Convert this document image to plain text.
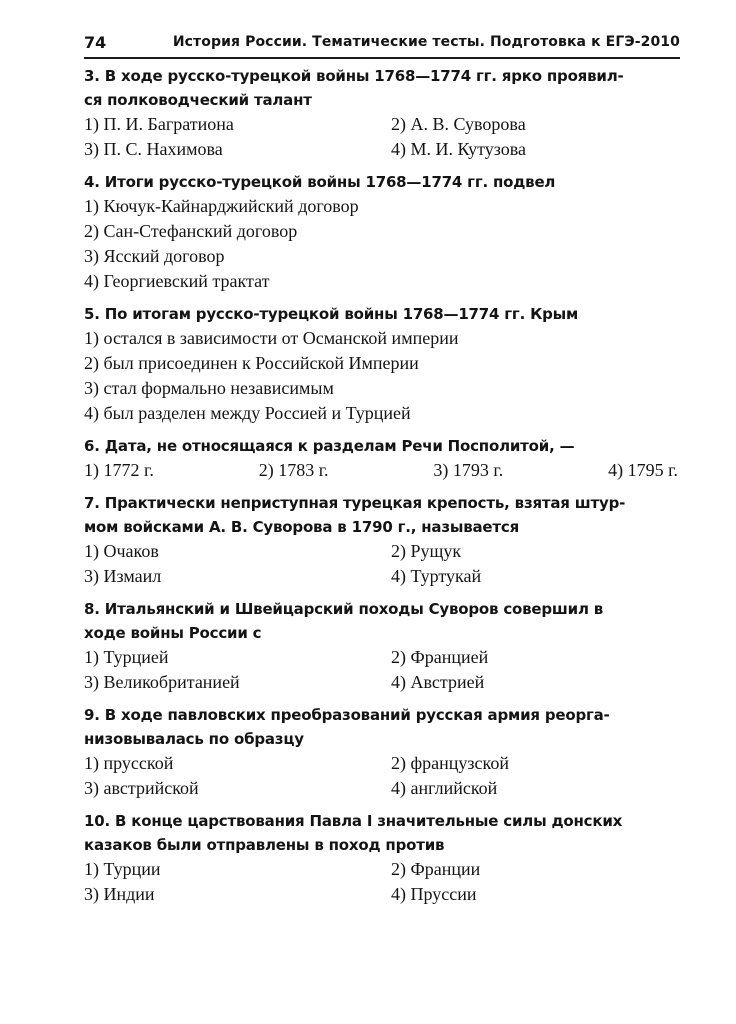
74	История России. Тематические тесты. Подготовка к ЕГЭ-2010
3. В ходе русско-турецкой войны 1768—1774 гг. ярко проявил-
ся полководческий талант
1) П. И. Багратиона	2) А. В. Суворова
3) П. С. Нахимова	4) М. И. Кутузова
4. Итоги русско-турецкой войны 1768—1774 гг. подвел
1) Кючук-Кайнарджийский договор
2) Сан-Стефанский договор
3) Ясский договор
4) Георгиевский трактат
5. По итогам русско-турецкой войны 1768—1774 гг. Крым
1) остался в зависимости от Османской империи
2) был присоединен к Российской Империи
3) стал формально независимым
4) был разделен между Россией и Турцией
6. Дата, не относящаяся к разделам Речи Посполитой, —
1) 1772 г.	2) 1783 г.	3) 1793 г.	4) 1795 г.
7. Практически неприступная турецкая крепость, взятая штур-
мом войсками А. В. Суворова в 1790 г., называется
1) Очаков	2) Рущук
3) Измаил	4) Туртукай
8. Итальянский и Швейцарский походы Суворов совершил в
ходе войны России с
1) Турцией	2) Францией
3) Великобританией	4) Австрией
9. В ходе павловских преобразований русская армия реорга-
низовывалась по образцу
1) прусской	2) французской
3) австрийской	4) английской
10. В конце царствования Павла I значительные силы донских
казаков были отправлены в поход против
1) Турции	2) Франции
3) Индии	4) Пруссии
